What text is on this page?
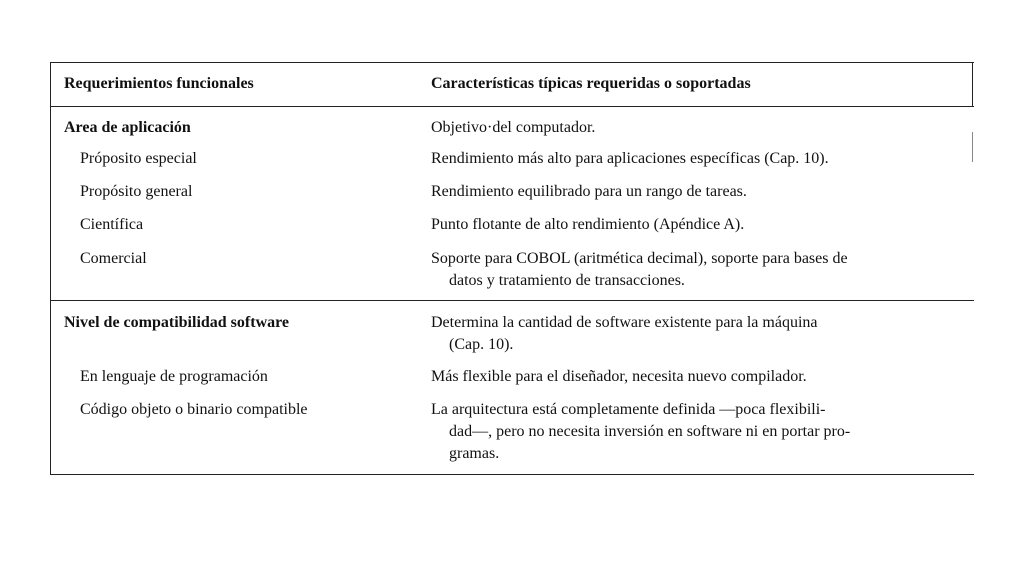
Requerimientos funcionales	Características típicas requeridas o soportadas
Area de aplicación	Objetivo·del computador.
Próposito especial	Rendimiento más alto para aplicaciones específicas (Cap. 10).
Propósito general	Rendimiento equilibrado para un rango de tareas.
Científica	Punto flotante de alto rendimiento (Apéndice A).
Comercial	Soporte para COBOL (aritmética decimal), soporte para bases de
datos y tratamiento de transacciones.
Nivel de compatibilidad software	Determina la cantidad de software existente para la máquina
(Cap. 10).
En lenguaje de programación	Más flexible para el diseñador, necesita nuevo compilador.
Código objeto o binario compatible	La arquitectura está completamente definida —poca flexibili-
dad—, pero no necesita inversión en software ni en portar pro-
gramas.
